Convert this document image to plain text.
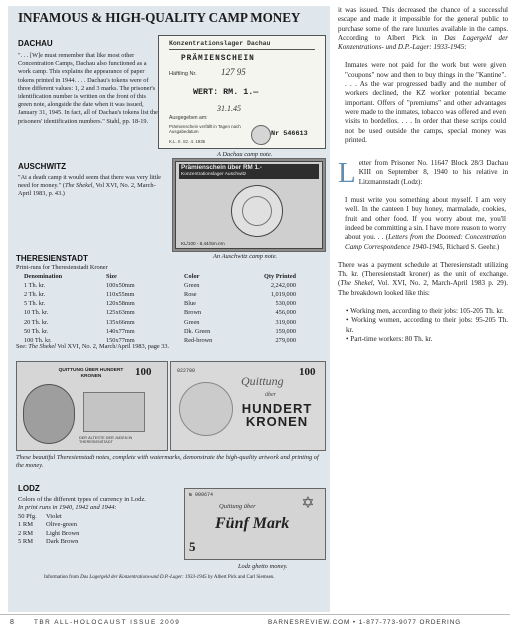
INFAMOUS & HIGH-QUALITY CAMP MONEY
DACHAU
". . . [W]e must remember that like most other Concentration Camps, Dachau also functioned as a work camp. This explains the appearance of paper tokens printed in 1944. . . . Dachau's tokens were of three different values: 1, 2 and 3 marks. The prisoner's identification number is written on the front of this green note, alongside the date when it was issued, January 31, 1945. In fact, all of Dachau's tokens list the prisoners' identification numbers." Stahl, pp. 18-19.
Konzentrationslager Dachau
PRÄMIENSCHEIN
Häftling Nr.	127 95
WERT: RM. 1.—
31.1.45
Ausgegeben am:
Prämienschein verfällt in Tagen nach Ausgabedatum
K.L. II. Sz. 4. 1935
Nr 546613
A Dachau camp note.
AUSCHWITZ
"At a death camp it would seem that there was very little need for money." (The Shekel, Vol XVI, No. 2, March-April 1983, p. 43.)
Prämienschein über RM 1.-
Konzentrationslager Auschwitz
KL/100 - 8.44/Sm.nrn
An Auschwitz camp note.
THERESIENSTADT
Print-runs for Theresienstadt Kroner
Denomination	Size	Color	Qty Printed
1 Th. kr.	100x50mm	Green	2,242,000
2 Th. kr.	110x55mm	Rose	1,019,000
5 Th. kr.	120x58mm	Blue	530,000
10 Th. kr.	125x63mm	Brown	456,000
20 Th. kr.	135x66mm	Green	319,000
50 Th. kr.	140x77mm	Dk. Green	159,000
100 Th. kr.	150x77mm	Red-brown	279,000
See: The Shekel Vol XVI, No. 2, March/April 1983, page 33.
QUITTUNG ÜBER HUNDERT KRONEN	100
DER ÄLTESTE DER JUDEN IN THERESIENSTADT
022700	100
Quittung
über
HUNDERT KRONEN
These beautiful Theresienstadt notes, complete with watermarks, demonstrate the high-quality artwork and printing of the money.
LODZ
Colors of the different types of currency in Lodz.
In print runs in 1940, 1942 and 1944:
50 Pfg. Violet
1 RM Olive-green
2 RM Light Brown
5 RM Dark Brown
№ 000674
Quittung über
Fünf Mark
5
✡
Lodz ghetto money.
Information from Das Lagergeld der Konzentrations-und D.P.-Lager: 1933-1945 by Albert Pick and Carl Siemsen.

it was issued. This decreased the chance of a successful escape and made it impossible for the general public to purchase some of the rare luxuries available in the camps. According to Albert Pick in Das Lagergeld der Konzentrations- und D.P.-Lager: 1933-1945:

Inmates were not paid for the work but were given "coupons" now and then to buy things in the "Kantine". . . . As the war progressed badly and the number of workers declined, the KZ worker potential became important. Offers of "premiums" and other advantages were made to the inmates, tobacco was offered and even visits to bordellos. . . . In order that these scrips could not be used outside the camps, special money was printed.

Letter from Prisoner No. 11647 Block 28/3 Dachau KIII on September 8, 1940 to his relative in Litzmannstadt (Lodz):

I must write you something about myself. I am very well. In the canteen I buy honey, marmalade, cookies, fruit and other food. If you worry about me, you'll indeed be committing a sin. I have more reason to worry about you. . . (Letters from the Doomed: Concentration Camp Correspondence 1940-1945, Richard S. Geehr.)

There was a payment schedule at Theresienstadt utilizing Th. kr. (Theresienstadt kroner) as the unit of exchange. (The Shekel, Vol. XVI, No. 2, March-April 1983 p. 29). The breakdown looked like this:

• Working men, according to their jobs: 105-205 Th. kr.

• Working women, according to their jobs: 95-205 Th. kr.

• Part-time workers: 80 Th. kr.

8	TBR ALL-HOLOCAUST ISSUE 2009	BARNESREVIEW.COM • 1-877-773-9077 ORDERING
